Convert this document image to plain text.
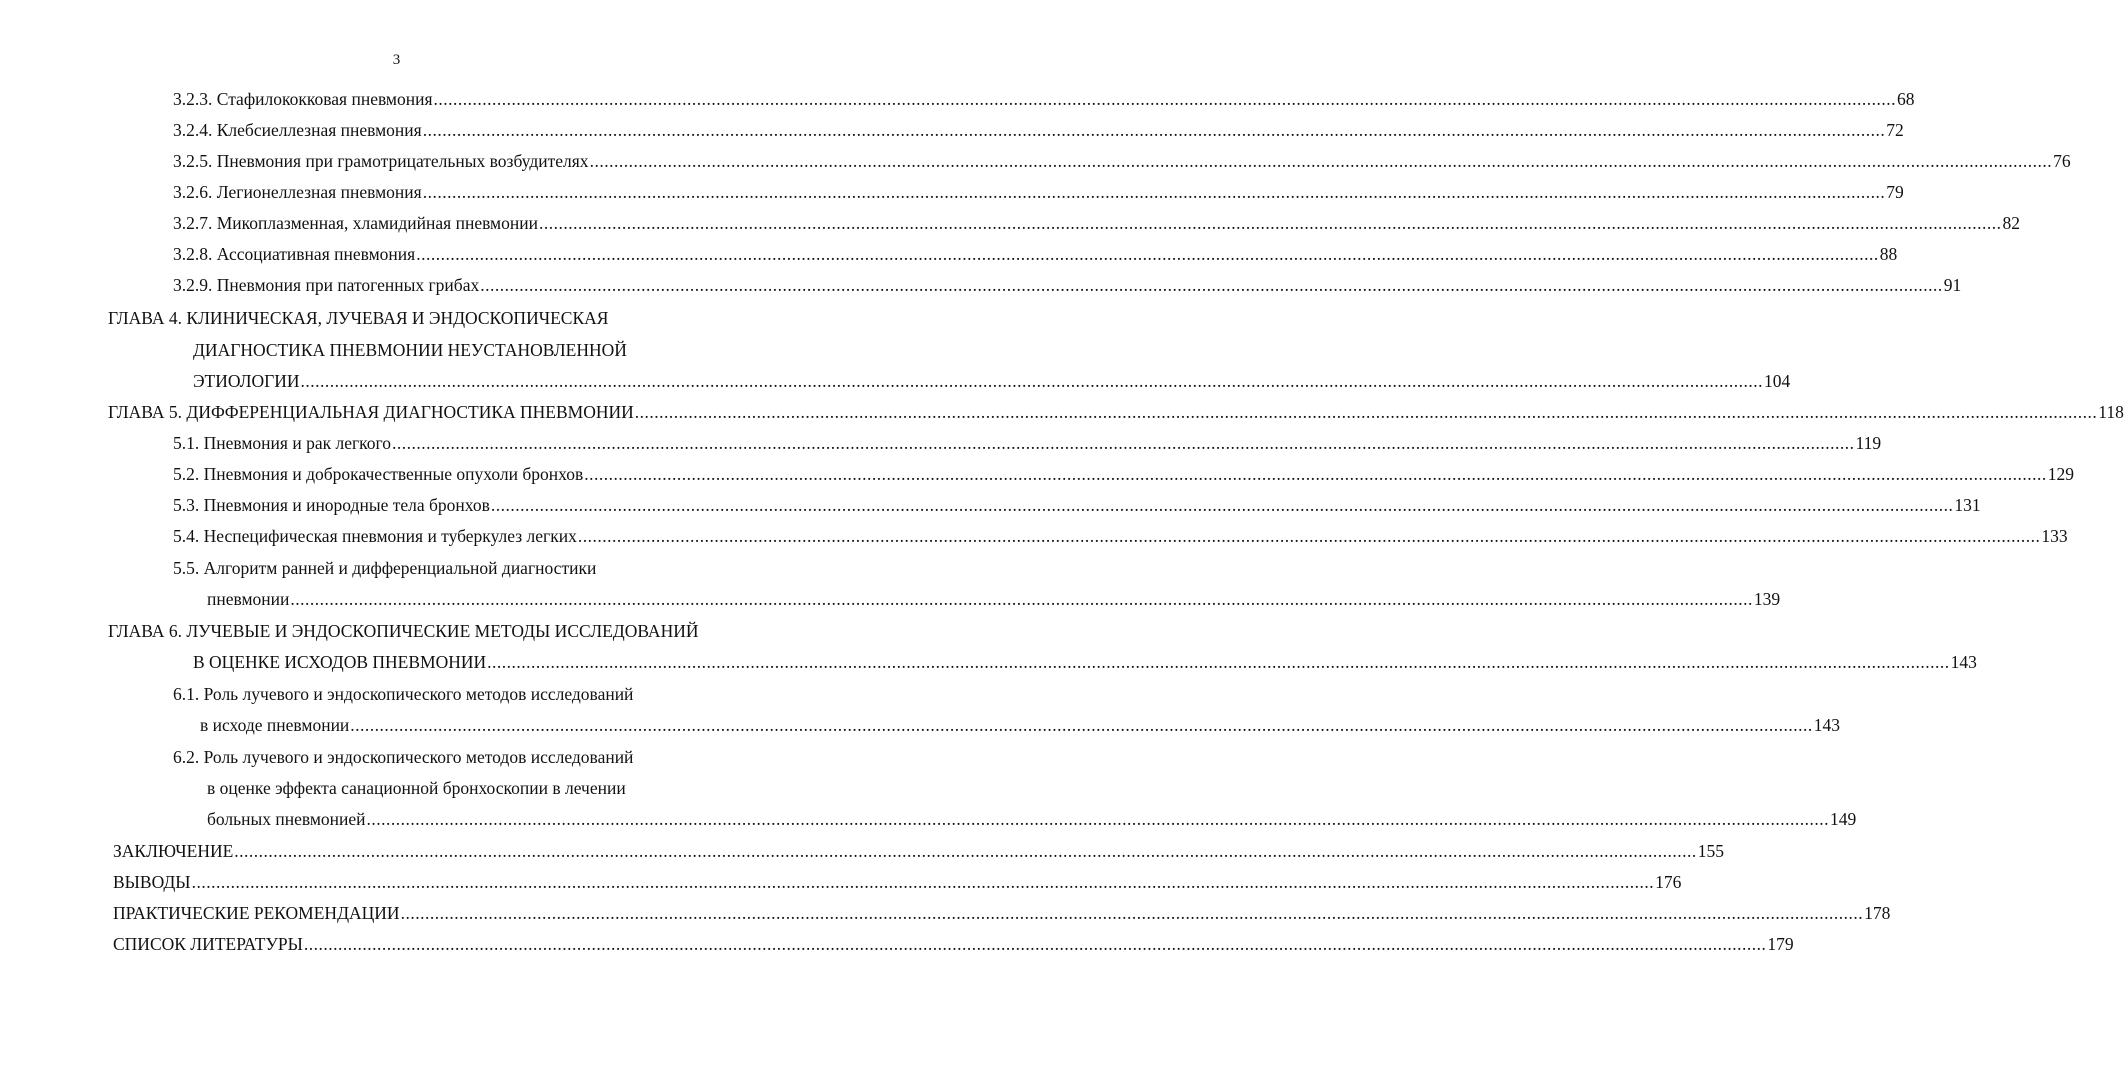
3
3.2.3. Стафилококковая пневмония ............................................................................................................................................................................................................................................................................................................ 68
3.2.4. Клебсиеллезная пневмония ............................................................................................................................................................................................................................................................................................................ 72
3.2.5. Пневмония при грамотрицательных возбудителях ............................................................................................................................................................................................................................................................................................................ 76
3.2.6. Легионеллезная пневмония ............................................................................................................................................................................................................................................................................................................ 79
3.2.7. Микоплазменная, хламидийная пневмонии ............................................................................................................................................................................................................................................................................................................ 82
3.2.8. Ассоциативная пневмония ............................................................................................................................................................................................................................................................................................................ 88
3.2.9. Пневмония при патогенных грибах ............................................................................................................................................................................................................................................................................................................ 91
ГЛАВА 4. КЛИНИЧЕСКАЯ, ЛУЧЕВАЯ И ЭНДОСКОПИЧЕСКАЯ
ДИАГНОСТИКА ПНЕВМОНИИ НЕУСТАНОВЛЕННОЙ
ЭТИОЛОГИИ ............................................................................................................................................................................................................................................................................................................ 104
ГЛАВА 5. ДИФФЕРЕНЦИАЛЬНАЯ ДИАГНОСТИКА ПНЕВМОНИИ ............................................................................................................................................................................................................................................................................................................ 118
5.1. Пневмония и рак легкого ............................................................................................................................................................................................................................................................................................................ 119
5.2. Пневмония и доброкачественные опухоли бронхов ............................................................................................................................................................................................................................................................................................................ 129
5.3. Пневмония и инородные тела бронхов ............................................................................................................................................................................................................................................................................................................ 131
5.4. Неспецифическая пневмония и туберкулез легких ............................................................................................................................................................................................................................................................................................................ 133
5.5. Алгоритм ранней и дифференциальной диагностики
пневмонии ............................................................................................................................................................................................................................................................................................................ 139
ГЛАВА 6. ЛУЧЕВЫЕ И ЭНДОСКОПИЧЕСКИЕ МЕТОДЫ ИССЛЕДОВАНИЙ
В ОЦЕНКЕ ИСХОДОВ ПНЕВМОНИИ ............................................................................................................................................................................................................................................................................................................ 143
6.1. Роль лучевого и эндоскопического методов исследований
в исходе пневмонии ............................................................................................................................................................................................................................................................................................................ 143
6.2. Роль лучевого и эндоскопического методов исследований
в оценке эффекта санационной бронхоскопии в лечении
больных пневмонией ............................................................................................................................................................................................................................................................................................................ 149
ЗАКЛЮЧЕНИЕ ............................................................................................................................................................................................................................................................................................................ 155
ВЫВОДЫ ............................................................................................................................................................................................................................................................................................................ 176
ПРАКТИЧЕСКИЕ РЕКОМЕНДАЦИИ ............................................................................................................................................................................................................................................................................................................ 178
СПИСОК ЛИТЕРАТУРЫ ............................................................................................................................................................................................................................................................................................................ 179
